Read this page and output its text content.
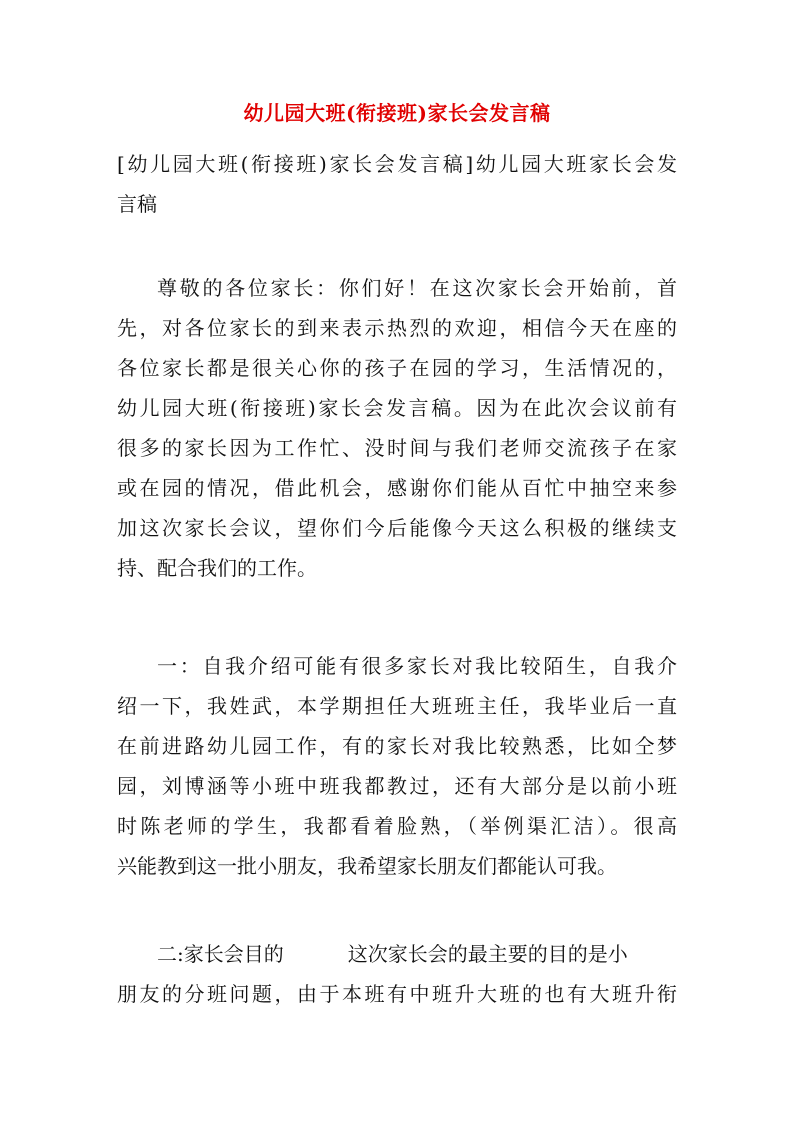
幼儿园大班(衔接班)家长会发言稿
[幼儿园大班(衔接班)家长会发言稿]幼儿园大班家长会发
言稿
尊敬的各位家长：你们好！在这次家长会开始前，首
先，对各位家长的到来表示热烈的欢迎，相信今天在座的
各位家长都是很关心你的孩子在园的学习，生活情况的，
幼儿园大班(衔接班)家长会发言稿。因为在此次会议前有
很多的家长因为工作忙、没时间与我们老师交流孩子在家
或在园的情况，借此机会，感谢你们能从百忙中抽空来参
加这次家长会议，望你们今后能像今天这么积极的继续支
持、配合我们的工作。
一：自我介绍可能有很多家长对我比较陌生，自我介
绍一下，我姓武，本学期担任大班班主任，我毕业后一直
在前进路幼儿园工作，有的家长对我比较熟悉，比如仝梦
园，刘博涵等小班中班我都教过，还有大部分是以前小班
时陈老师的学生，我都看着脸熟，（举例渠汇洁）。很高
兴能教到这一批小朋友，我希望家长朋友们都能认可我。
二:家长会目的	这次家长会的最主要的目的是小
朋友的分班问题，由于本班有中班升大班的也有大班升衔
